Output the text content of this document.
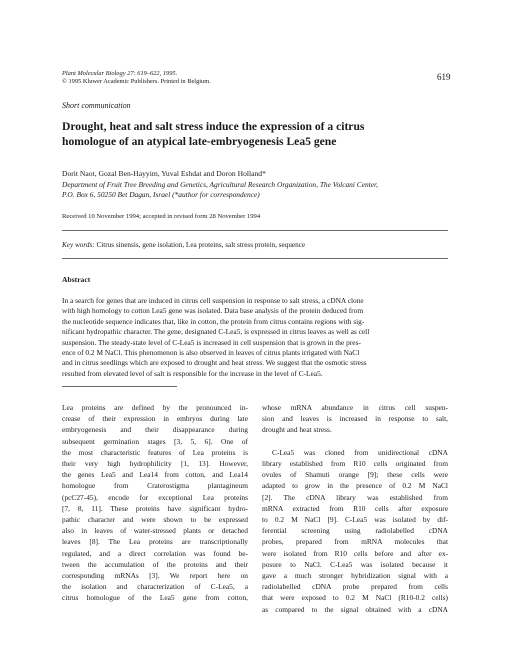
Plant Molecular Biology 27: 619–622, 1995.
© 1995 Kluwer Academic Publishers. Printed in Belgium.	619
Short communication
Drought, heat and salt stress induce the expression of a citrus
homologue of an atypical late-embryogenesis Lea5 gene
Dorit Naot, Gozal Ben-Hayyim, Yuval Eshdat and Doron Holland*
Department of Fruit Tree Breeding and Genetics, Agricultural Research Organization, The Volcani Center,
P.O. Box 6, 50250 Bet Dagan, Israel (*author for correspondence)
Received 10 November 1994; accepted in revised form 28 November 1994
Key words: Citrus sinensis, gene isolation, Lea proteins, salt stress protein, sequence
Abstract
In a search for genes that are induced in citrus cell suspension in response to salt stress, a cDNA clone
with high homology to cotton Lea5 gene was isolated. Data base analysis of the protein deduced from
the nucleotide sequence indicates that, like in cotton, the protein from citrus contains regions with sig-
nificant hydropathic character. The gene, designated C-Lea5, is expressed in citrus leaves as well as cell
suspension. The steady-state level of C-Lea5 is increased in cell suspension that is grown in the pres-
ence of 0.2 M NaCl. This phenomenon is also observed in leaves of citrus plants irrigated with NaCl
and in citrus seedlings which are exposed to drought and heat stress. We suggest that the osmotic stress
resulted from elevated level of salt is responsible for the increase in the level of C-Lea5.
Lea proteins are defined by the pronounced in-
crease of their expression in embryos during late
embryogenesis and their disappearance during
subsequent germination stages [3, 5, 6]. One of
the most characteristic features of Lea proteins is
their very high hydrophilicity [1, 13]. However,
the genes Lea5 and Lea14 from cotton, and Lea14
homologue from Craterostigma plantagineum
(pcC27-45), encode for exceptional Lea proteins
[7, 8, 11]. These proteins have significant hydro-
pathic character and were shown to be expressed
also in leaves of water-stressed plants or detached
leaves [8]. The Lea proteins are transcriptionally
regulated, and a direct correlation was found be-
tween the accumulation of the proteins and their
corresponding mRNAs [3]. We report here on
the isolation and characterization of C-Lea5, a
citrus homologue of the Lea5 gene from cotton,
whose mRNA abundance in citrus cell suspen-
sion and leaves is increased in response to salt,
drought and heat stress.
C-Lea5 was cloned from unidirectional cDNA
library established from R10 cells originated from
ovules of Shamuti orange [9]; these cells were
adapted to grow in the presence of 0.2 M NaCl
[2]. The cDNA library was established from
mRNA extracted from R10 cells after exposure
to 0.2 M NaCl [9]. C-Lea5 was isolated by dif-
ferential screening using radiolabelled cDNA
probes, prepared from mRNA molecules that
were isolated from R10 cells before and after ex-
posure to NaCl. C-Lea5 was isolated because it
gave a much stronger hybridization signal with a
radiolabelled cDNA probe prepared from cells
that were exposed to 0.2 M NaCl (R10-0.2 cells)
as compared to the signal obtained with a cDNA
